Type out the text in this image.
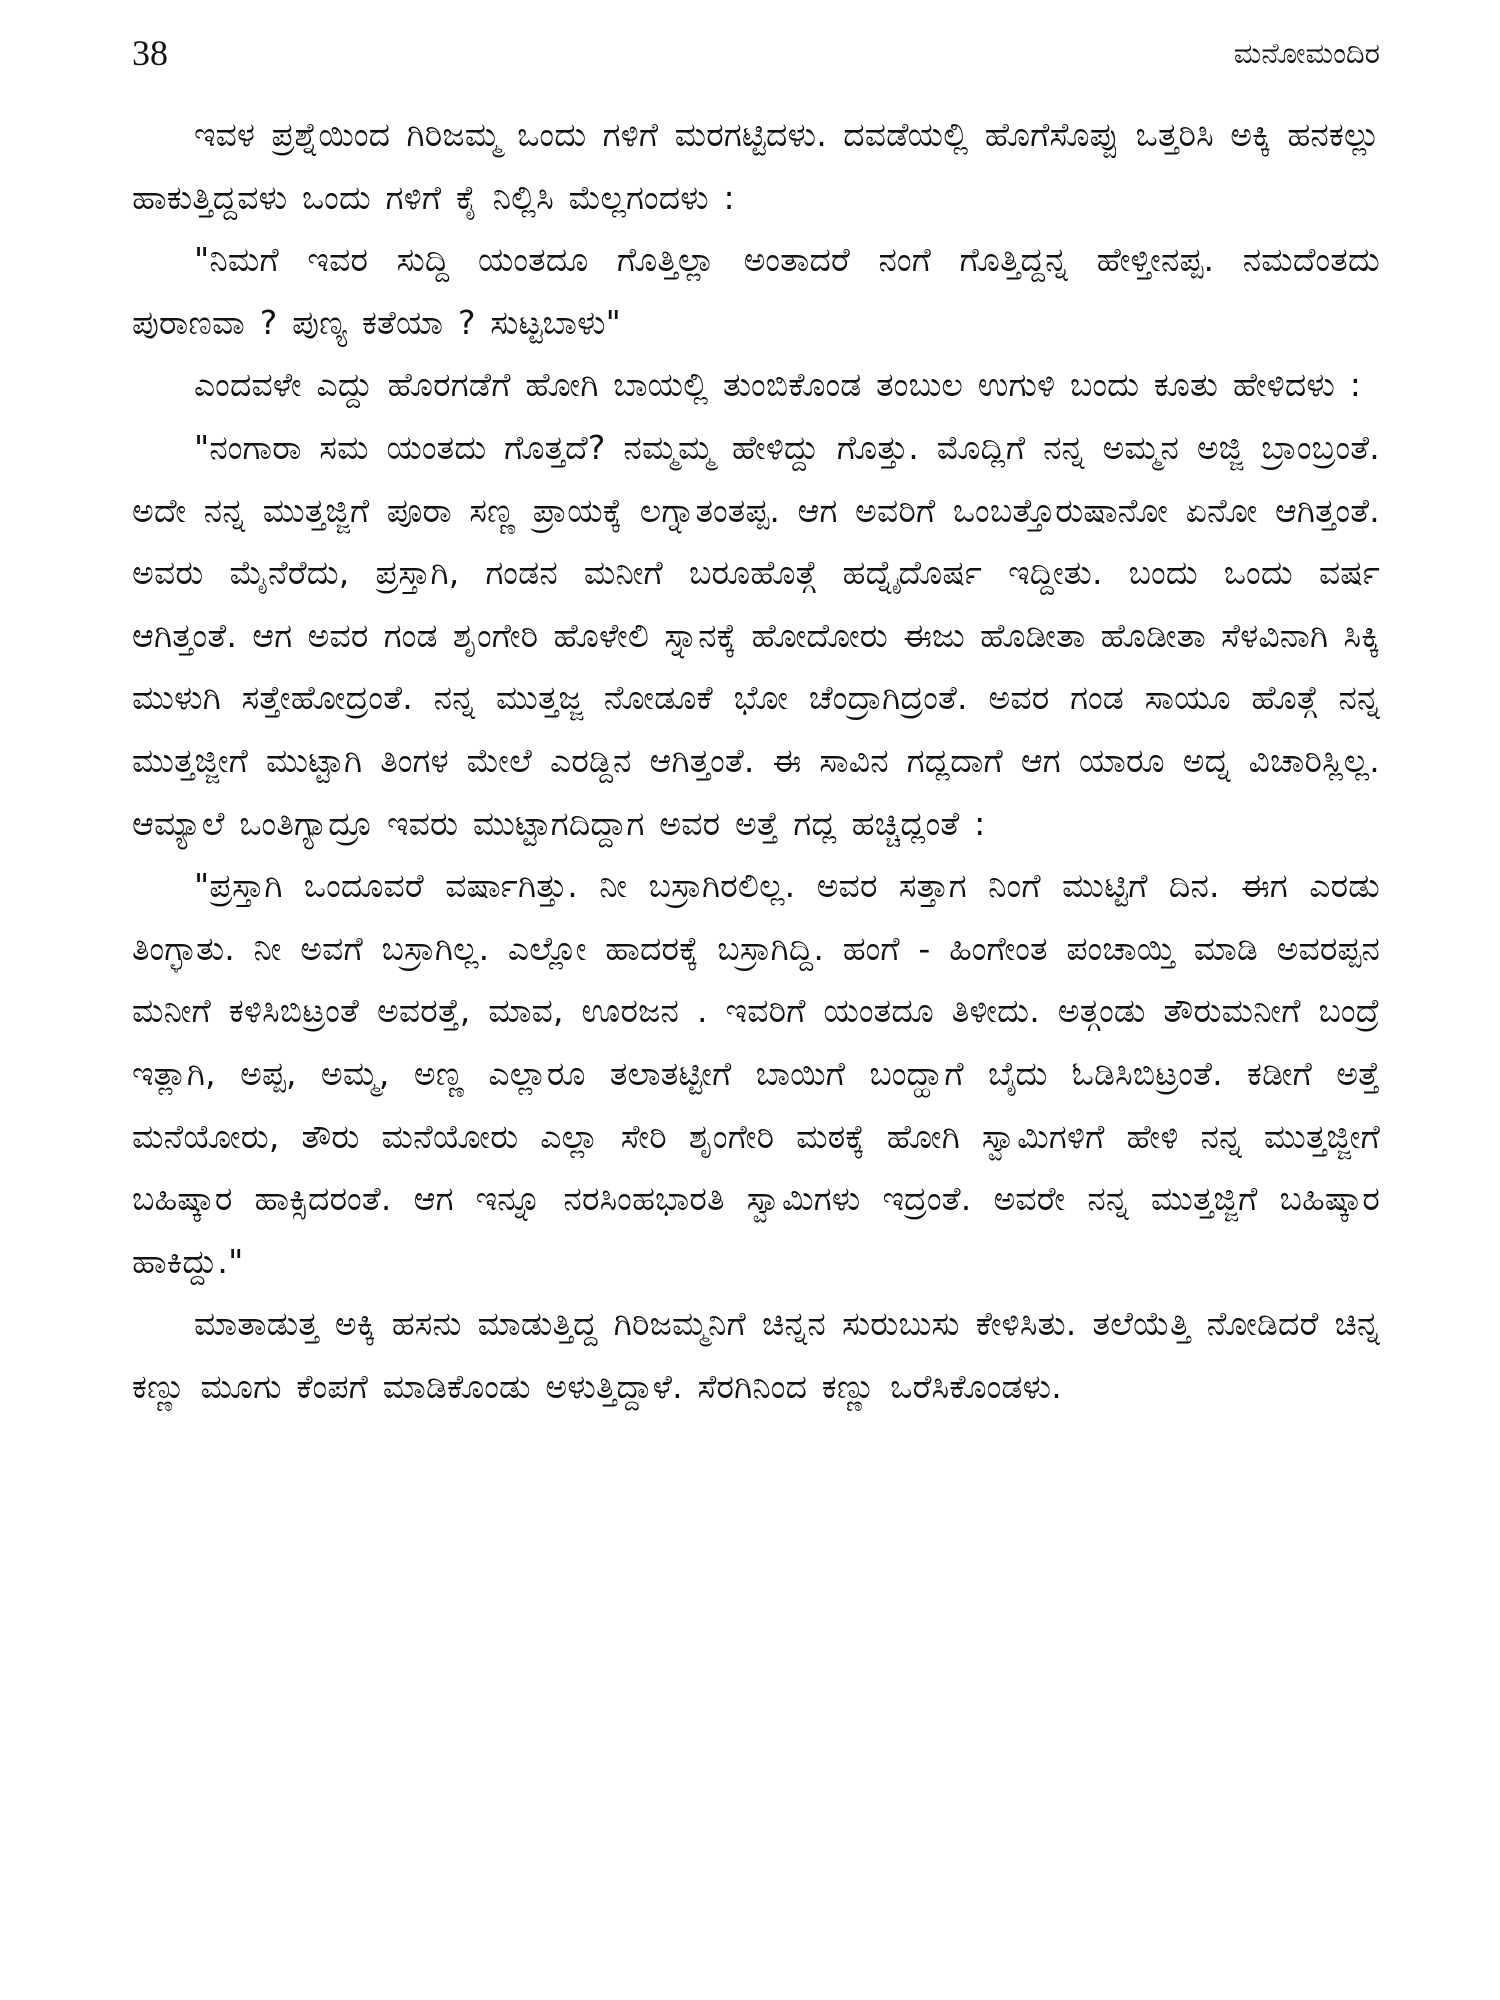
38	ಮನೋಮಂದಿರ

ಇವಳ ಪ್ರಶ್ನೆಯಿಂದ ಗಿರಿಜಮ್ಮ ಒಂದು ಗಳಿಗೆ ಮರಗಟ್ಟಿದಳು. ದವಡೆಯಲ್ಲಿ ಹೊಗೆಸೊಪ್ಪು ಒತ್ತರಿಸಿ ಅಕ್ಕಿ ಹನಕಲ್ಲು ಹಾಕುತ್ತಿದ್ದವಳು ಒಂದು ಗಳಿಗೆ ಕೈ ನಿಲ್ಲಿಸಿ ಮೆಲ್ಲಗಂದಳು :

"ನಿಮಗೆ ಇವರ ಸುದ್ದಿ ಯಂತದೂ ಗೊತ್ತಿಲ್ಲಾ ಅಂತಾದರೆ ನಂಗೆ ಗೊತ್ತಿದ್ದನ್ನ ಹೇಳ್ತೀನಪ್ಪ. ನಮದೆಂತದು ಪುರಾಣವಾ ? ಪುಣ್ಯ ಕತೆಯಾ ? ಸುಟ್ಟಬಾಳು"

ಎಂದವಳೇ ಎದ್ದು ಹೊರಗಡೆಗೆ ಹೋಗಿ ಬಾಯಲ್ಲಿ ತುಂಬಿಕೊಂಡ ತಂಬುಲ ಉಗುಳಿ ಬಂದು ಕೂತು ಹೇಳಿದಳು :

"ನಂಗಾರಾ ಸಮ ಯಂತದು ಗೊತ್ತದೆ? ನಮ್ಮಮ್ಮ ಹೇಳಿದ್ದು ಗೊತ್ತು. ಮೊದ್ಲಿಗೆ ನನ್ನ ಅಮ್ಮನ ಅಜ್ಜಿ ಬ್ರಾಂಬ್ರಂತೆ. ಅದೇ ನನ್ನ ಮುತ್ತಜ್ಜಿಗೆ ಪೂರಾ ಸಣ್ಣ ಪ್ರಾಯಕ್ಕೆ ಲಗ್ನಾತಂತಪ್ಪ. ಆಗ ಅವರಿಗೆ ಒಂಬತ್ತೊರುಷಾನೋ ಏನೋ ಆಗಿತ್ತಂತೆ. ಅವರು ಮೈನೆರೆದು, ಪ್ರಸ್ತಾಗಿ, ಗಂಡನ ಮನೀಗೆ ಬರೂಹೊತ್ಗೆ ಹದ್ನೈದೊರ್ಷ ಇದ್ದೀತು. ಬಂದು ಒಂದು ವರ್ಷ ಆಗಿತ್ತಂತೆ. ಆಗ ಅವರ ಗಂಡ ಶೃಂಗೇರಿ ಹೊಳೇಲಿ ಸ್ನಾನಕ್ಕೆ ಹೋದೋರು ಈಜು ಹೊಡೀತಾ ಹೊಡೀತಾ ಸೆಳವಿನಾಗಿ ಸಿಕ್ಕಿ ಮುಳುಗಿ ಸತ್ತೇಹೋದ್ರಂತೆ. ನನ್ನ ಮುತ್ತಜ್ಜ ನೋಡೂಕೆ ಭೋ ಚೆಂದ್ರಾಗಿದ್ರಂತೆ. ಅವರ ಗಂಡ ಸಾಯೂ ಹೊತ್ಗೆ ನನ್ನ ಮುತ್ತಜ್ಜೀಗೆ ಮುಟ್ಟಾಗಿ ತಿಂಗಳ ಮೇಲೆ ಎರಡ್ದಿನ ಆಗಿತ್ತಂತೆ. ಈ ಸಾವಿನ ಗದ್ಲದಾಗೆ ಆಗ ಯಾರೂ ಅದ್ನ ವಿಚಾರಿಸ್ಲಿಲ್ಲ. ಆಮ್ಯಾಲೆ ಒಂತಿಗ್ಯಾದ್ರೂ ಇವರು ಮುಟ್ಟಾಗದಿದ್ದಾಗ ಅವರ ಅತ್ತೆ ಗದ್ಲ ಹಚ್ಚಿದ್ಲಂತೆ :

"ಪ್ರಸ್ತಾಗಿ ಒಂದೂವರೆ ವರ್ಷಾಗಿತ್ತು. ನೀ ಬಸ್ರಾಗಿರಲಿಲ್ಲ. ಅವರ ಸತ್ತಾಗ ನಿಂಗೆ ಮುಟ್ಟಿಗೆ ದಿನ. ಈಗ ಎರಡು ತಿಂಗ್ಳಾತು. ನೀ ಅವಗೆ ಬಸ್ರಾಗಿಲ್ಲ. ಎಲ್ಲೋ ಹಾದರಕ್ಕೆ ಬಸ್ರಾಗಿದ್ದಿ. ಹಂಗೆ - ಹಿಂಗೇಂತ ಪಂಚಾಯ್ತಿ ಮಾಡಿ ಅವರಪ್ಪನ ಮನೀಗೆ ಕಳಿಸಿಬಿಟ್ರಂತೆ ಅವರತ್ತೆ, ಮಾವ, ಊರಜನ . ಇವರಿಗೆ ಯಂತದೂ ತಿಳೀದು. ಅತ್ಗಂಡು ತೌರುಮನೀಗೆ ಬಂದ್ರೆ ಇತ್ಲಾಗಿ, ಅಪ್ಪ, ಅಮ್ಮ, ಅಣ್ಣ ಎಲ್ಲಾರೂ ತಲಾತಟ್ಟೀಗೆ ಬಾಯಿಗೆ ಬಂದ್ಹಾಗೆ ಬೈದು ಓಡಿಸಿಬಿಟ್ರಂತೆ. ಕಡೀಗೆ ಅತ್ತೆ ಮನೆಯೋರು, ತೌರು ಮನೆಯೋರು ಎಲ್ಲಾ ಸೇರಿ ಶೃಂಗೇರಿ ಮಠಕ್ಕೆ ಹೋಗಿ ಸ್ವಾಮಿಗಳಿಗೆ ಹೇಳಿ ನನ್ನ ಮುತ್ತಜ್ಜೀಗೆ ಬಹಿಷ್ಕಾರ ಹಾಕ್ಸಿದರಂತೆ. ಆಗ ಇನ್ನೂ ನರಸಿಂಹಭಾರತಿ ಸ್ವಾಮಿಗಳು ಇದ್ರಂತೆ. ಅವರೇ ನನ್ನ ಮುತ್ತಜ್ಜಿಗೆ ಬಹಿಷ್ಕಾರ ಹಾಕಿದ್ದು."

ಮಾತಾಡುತ್ತ ಅಕ್ಕಿ ಹಸನು ಮಾಡುತ್ತಿದ್ದ ಗಿರಿಜಮ್ಮನಿಗೆ ಚಿನ್ನನ ಸುರುಬುಸು ಕೇಳಿಸಿತು. ತಲೆಯೆತ್ತಿ ನೋಡಿದರೆ ಚಿನ್ನ ಕಣ್ಣು ಮೂಗು ಕೆಂಪಗೆ ಮಾಡಿಕೊಂಡು ಅಳುತ್ತಿದ್ದಾಳೆ. ಸೆರಗಿನಿಂದ ಕಣ್ಣು ಒರೆಸಿಕೊಂಡಳು.
